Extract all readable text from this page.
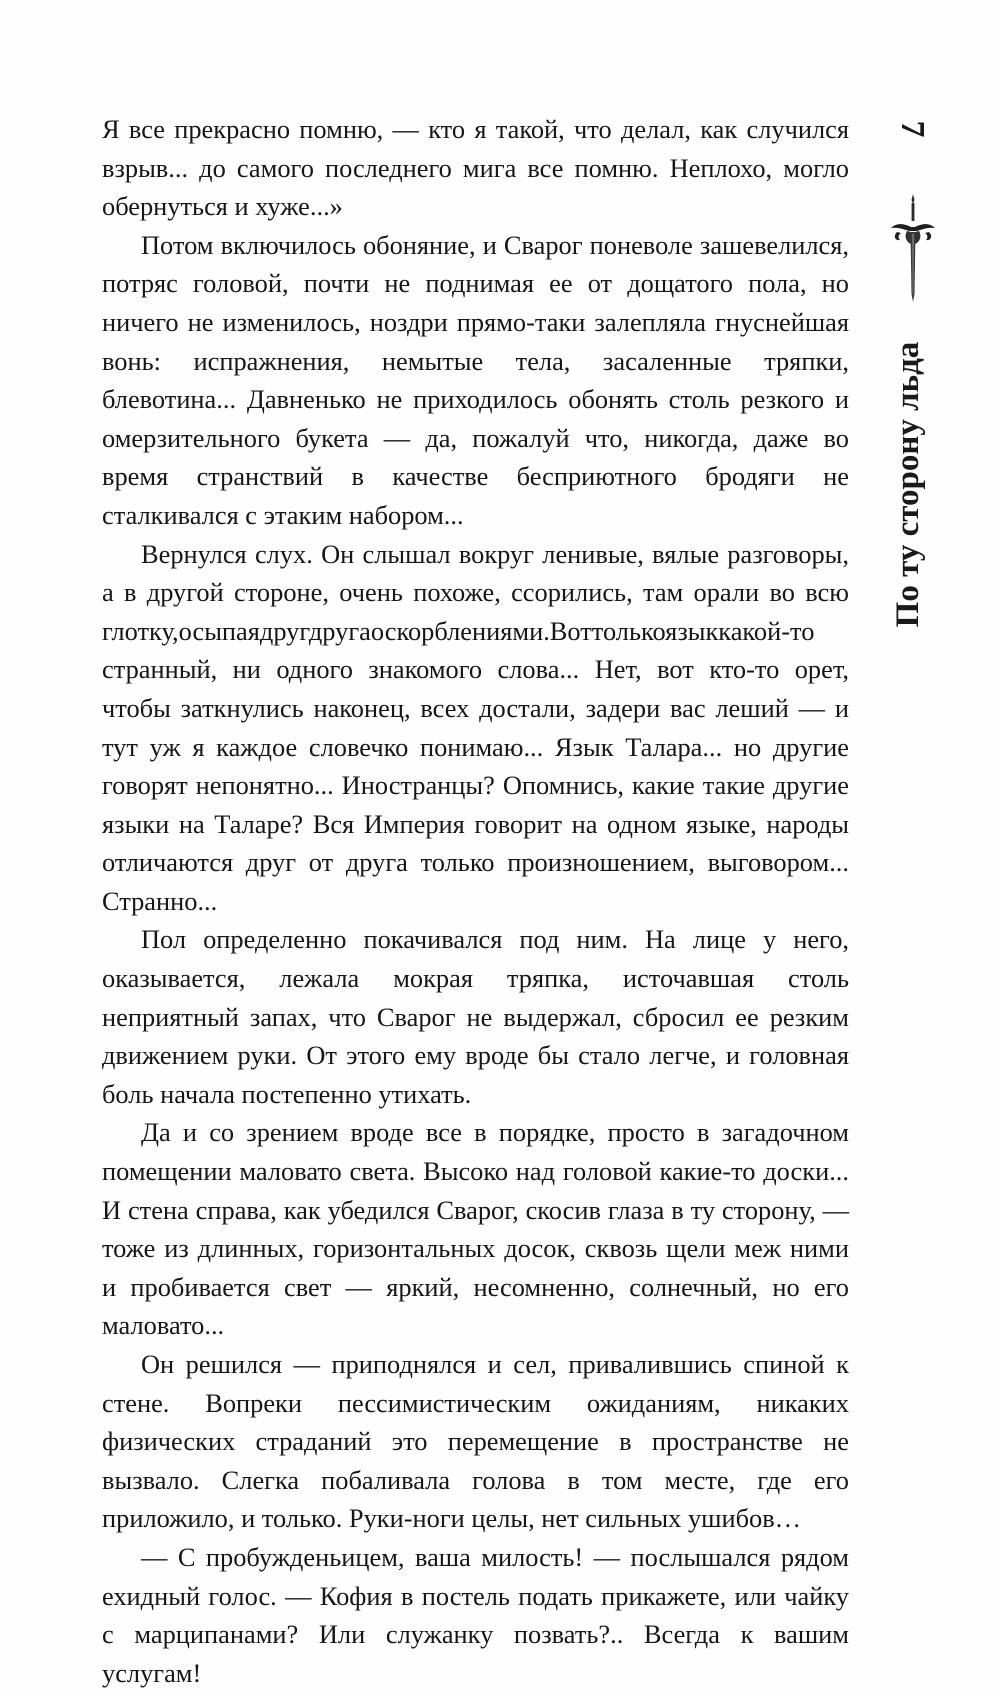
Я все прекрасно помню, — кто я такой, что делал, как случился взрыв... до самого последнего мига все помню. Неплохо, могло обернуться и хуже...»

Потом включилось обоняние, и Сварог поневоле зашевелился, потряс головой, почти не поднимая ее от дощатого пола, но ничего не изменилось, ноздри прямо-таки залепляла гнуснейшая вонь: испражнения, немытые тела, засаленные тряпки, блевотина... Давненько не приходилось обонять столь резкого и омерзительного букета — да, пожалуй что, никогда, даже во время странствий в качестве бесприютного бродяги не сталкивался с этаким набором...

Вернулся слух. Он слышал вокруг ленивые, вялые разговоры, а в другой стороне, очень похоже, ссорились, там орали во всю глотку,осыпаядругдругаоскорблениями.Воттолькоязыккакой-то странный, ни одного знакомого слова... Нет, вот кто-то орет, чтобы заткнулись наконец, всех достали, задери вас леший — и тут уж я каждое словечко понимаю... Язык Талара... но другие говорят непонятно... Иностранцы? Опомнись, какие такие другие языки на Таларе? Вся Империя говорит на одном языке, народы отличаются друг от друга только произношением, выговором... Странно...

Пол определенно покачивался под ним. На лице у него, оказывается, лежала мокрая тряпка, источавшая столь неприятный запах, что Сварог не выдержал, сбросил ее резким движением руки. От этого ему вроде бы стало легче, и головная боль начала постепенно утихать.

Да и со зрением вроде все в порядке, просто в загадочном помещении маловато света. Высоко над головой какие-то доски... И стена справа, как убедился Сварог, скосив глаза в ту сторону, — тоже из длинных, горизонтальных досок, сквозь щели меж ними и пробивается свет — яркий, несомненно, солнечный, но его маловато...

Он решился — приподнялся и сел, привалившись спиной к стене. Вопреки пессимистическим ожиданиям, никаких физических страданий это перемещение в пространстве не вызвало. Слегка побаливала голова в том месте, где его приложило, и только. Руки-ноги целы, нет сильных ушибов…

— С пробужденьицем, ваша милость! — послышался рядом ехидный голос. — Кофия в постель подать прикажете, или чайку с марципанами? Или служанку позвать?.. Всегда к вашим услугам!

7
По ту сторону льда
